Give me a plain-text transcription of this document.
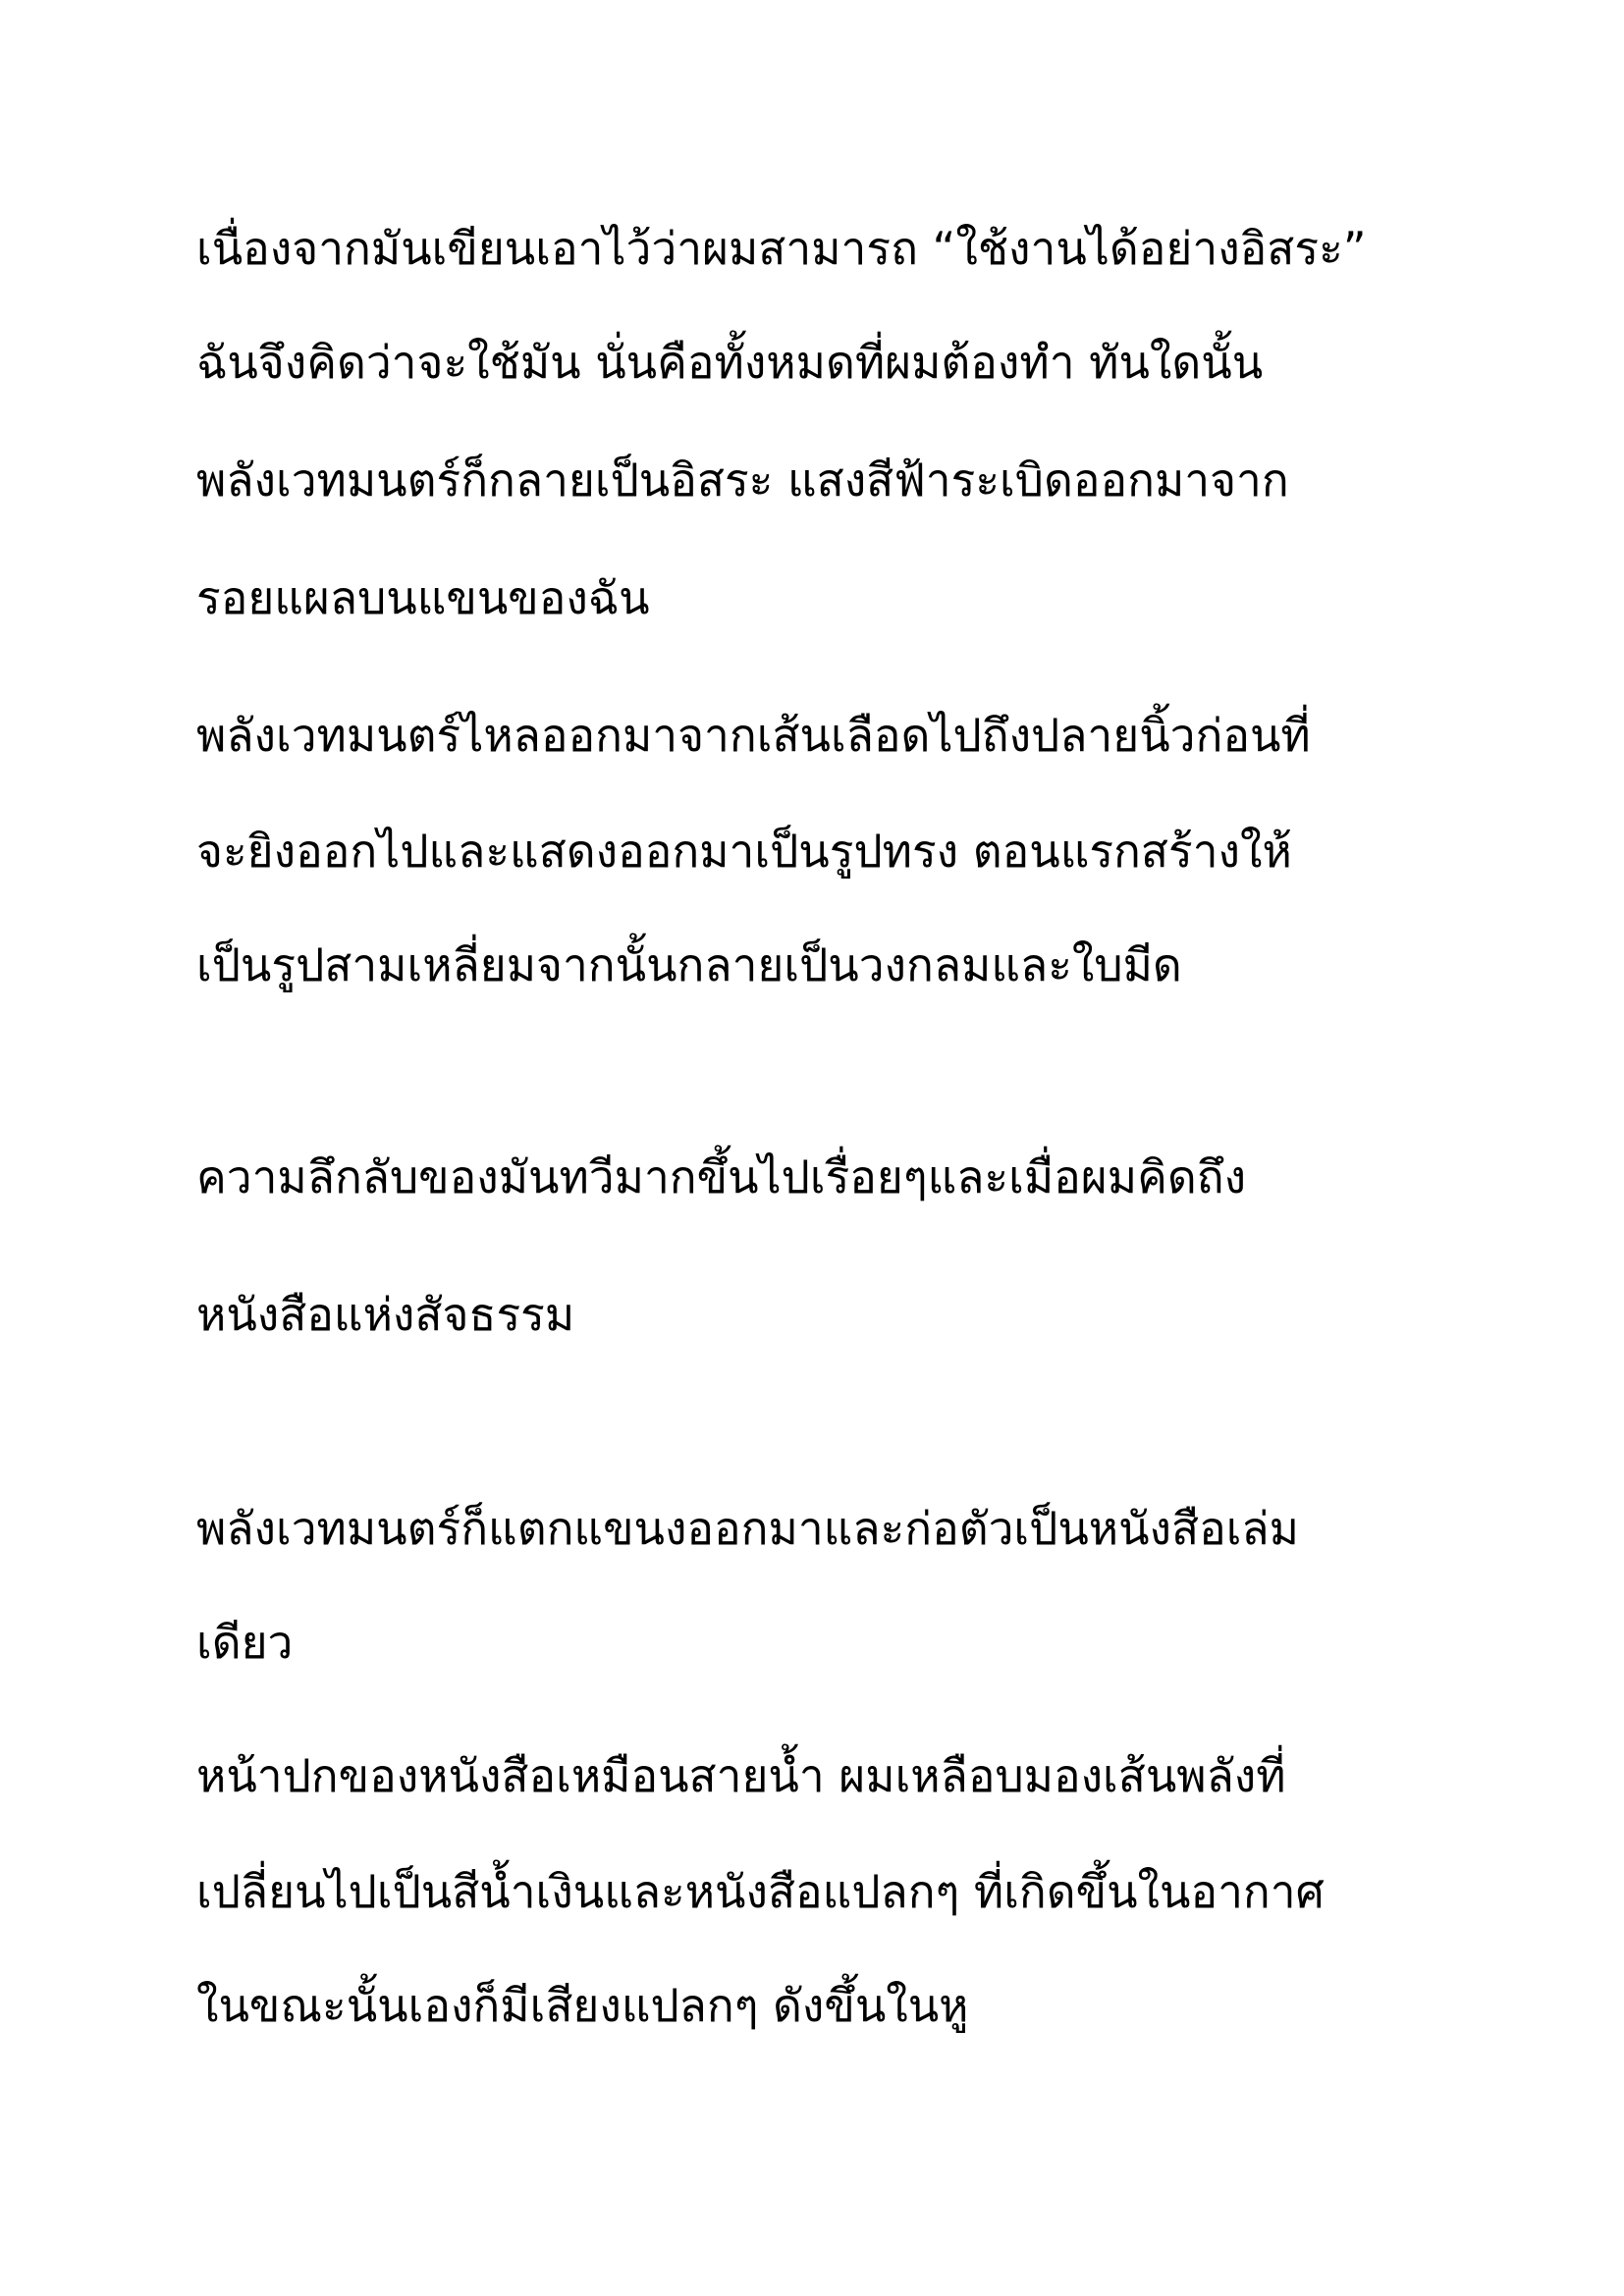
เนื่องจากมันเขียนเอาไว้ว่าผมสามารถ “ใช้งานได้อย่างอิสระ”
ฉันจึงคิดว่าจะใช้มัน นั่นคือทั้งหมดที่ผมต้องทำ ทันใดนั้น
พลังเวทมนตร์ก็กลายเป็นอิสระ แสงสีฟ้าระเบิดออกมาจาก
รอยแผลบนแขนของฉัน
พลังเวทมนตร์ไหลออกมาจากเส้นเลือดไปถึงปลายนิ้วก่อนที่
จะยิงออกไปและแสดงออกมาเป็นรูปทรง ตอนแรกสร้างให้
เป็นรูปสามเหลี่ยมจากนั้นกลายเป็นวงกลมและใบมีด
ความลึกลับของมันทวีมากขึ้นไปเรื่อยๆและเมื่อผมคิดถึง
หนังสือแห่งสัจธรรม
พลังเวทมนตร์ก็แตกแขนงออกมาและก่อตัวเป็นหนังสือเล่ม
เดียว
หน้าปกของหนังสือเหมือนสายน้ำ ผมเหลือบมองเส้นพลังที่
เปลี่ยนไปเป็นสีน้ำเงินและหนังสือแปลกๆ ที่เกิดขึ้นในอากาศ
ในขณะนั้นเองก็มีเสียงแปลกๆ ดังขึ้นในหู
